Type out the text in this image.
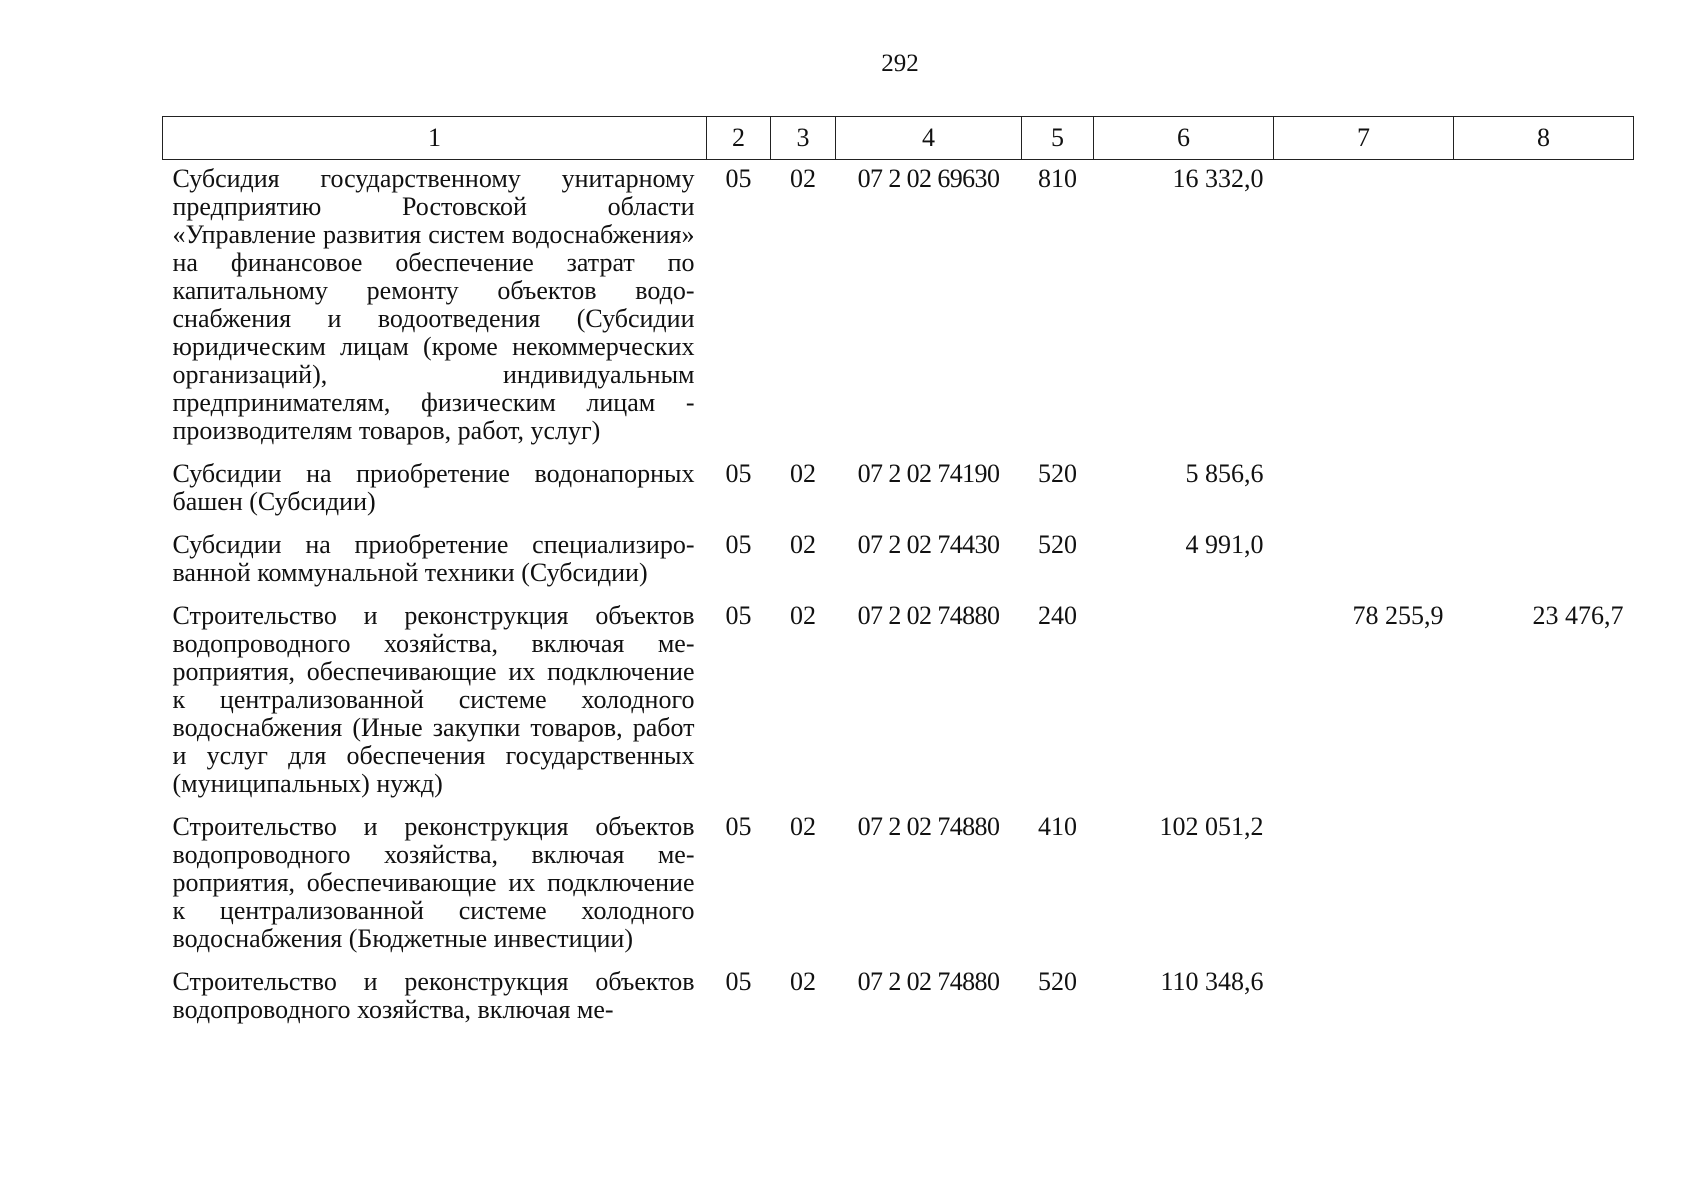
292
1	2	3	4	5	6	7	8
Субсидия государственному унитарному предприятию Ростовской области «Управление развития систем водоснабжения» на финансовое обеспечение затрат по капитальному ремонту объектов водоснабжения и водоотведения (Субсидии юридическим лицам (кроме некоммерческих организаций), индивидуальным предпринимателям, физическим лицам - производителям товаров, работ, услуг)	05	02	07 2 02 69630	810	16 332,0		
Субсидии на приобретение водонапорных башен (Субсидии)	05	02	07 2 02 74190	520	5 856,6		
Субсидии на приобретение специализированной коммунальной техники (Субсидии)	05	02	07 2 02 74430	520	4 991,0		
Строительство и реконструкция объектов водопроводного хозяйства, включая мероприятия, обеспечивающие их подключение к централизованной системе холодного водоснабжения (Иные закупки товаров, работ и услуг для обеспечения государственных (муниципальных) нужд)	05	02	07 2 02 74880	240		78 255,9	23 476,7
Строительство и реконструкция объектов водопроводного хозяйства, включая мероприятия, обеспечивающие их подключение к централизованной системе холодного водоснабжения (Бюджетные инвестиции)	05	02	07 2 02 74880	410	102 051,2		
Строительство и реконструкция объектов водопроводного хозяйства, включая ме-	05	02	07 2 02 74880	520	110 348,6		
